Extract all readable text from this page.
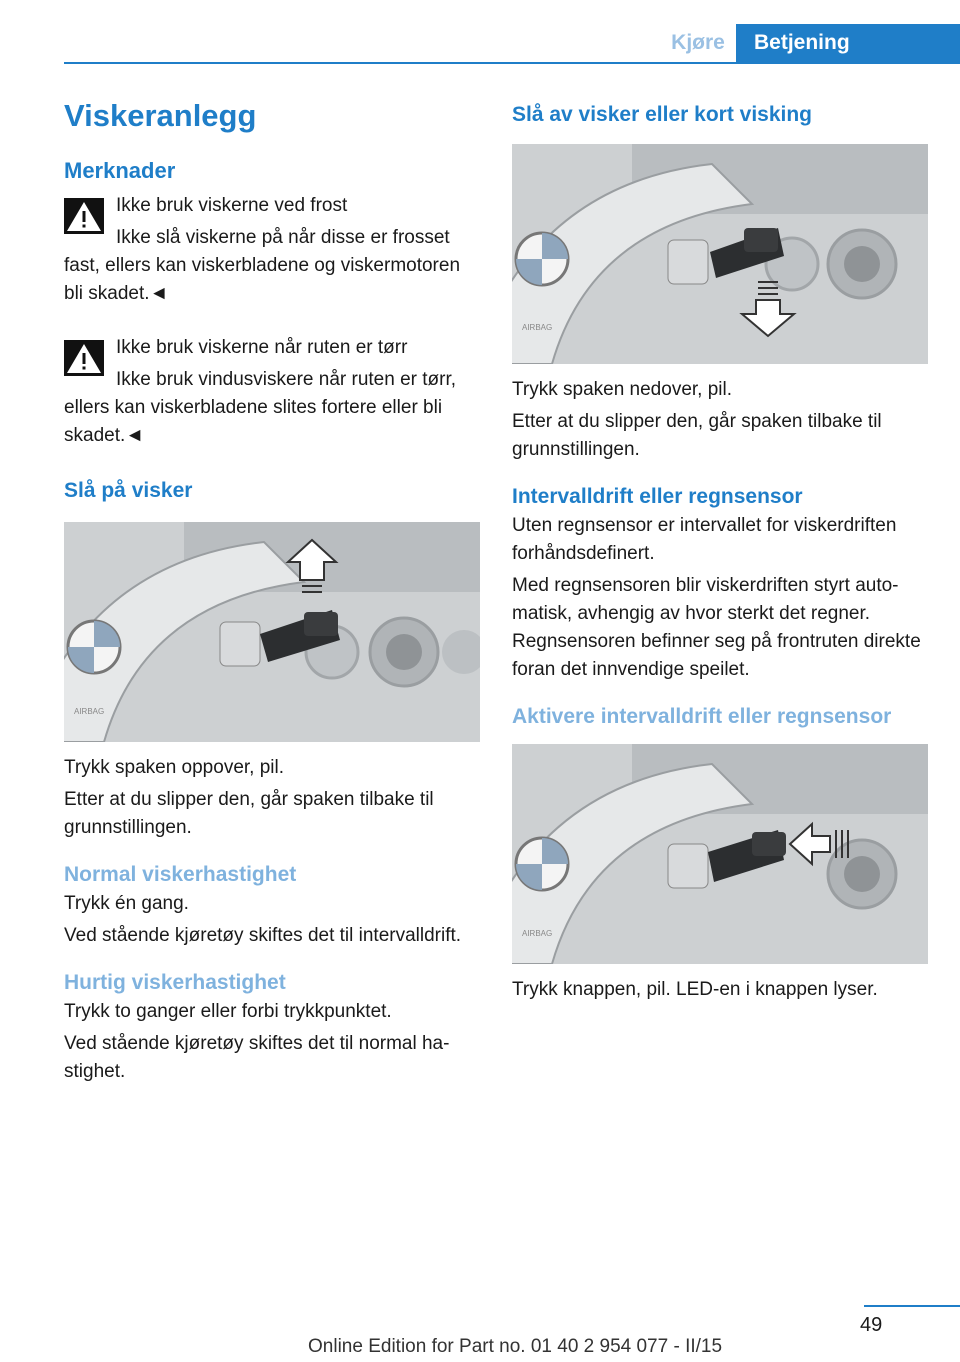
Kjøre	Betjening
Viskeranlegg
Merknader

Ikke bruk viskerne ved frost

Ikke slå viskerne på når disse er frosset fast, ellers kan viskerbladene og viskermotoren bli skadet.◄

Ikke bruk viskerne når ruten er tørr

Ikke bruk vindusviskere når ruten er tørr, ellers kan viskerbladene slites fortere eller bli skadet.◄

Slå på visker
AIRBAG

Trykk spaken oppover, pil.

Etter at du slipper den, går spaken tilbake til grunnstillingen.

Normal viskerhastighet

Trykk én gang.

Ved stående kjøretøy skiftes det til intervalldrift.

Hurtig viskerhastighet

Trykk to ganger eller forbi trykkpunktet.

Ved stående kjøretøy skiftes det til normal hastighet.

Slå av visker eller kort visking
AIRBAG

Trykk spaken nedover, pil.

Etter at du slipper den, går spaken tilbake til grunnstillingen.

Intervalldrift eller regnsensor

Uten regnsensor er intervallet for viskerdriften forhåndsdefinert.

Med regnsensoren blir viskerdriften styrt automatisk, avhengig av hvor sterkt det regner. Regnsensoren befinner seg på frontruten direkte foran det innvendige speilet.

Aktivere intervalldrift eller regnsensor
AIRBAG

Trykk knappen, pil. LED-en i knappen lyser.

49
Online Edition for Part no. 01 40 2 954 077 - II/15
